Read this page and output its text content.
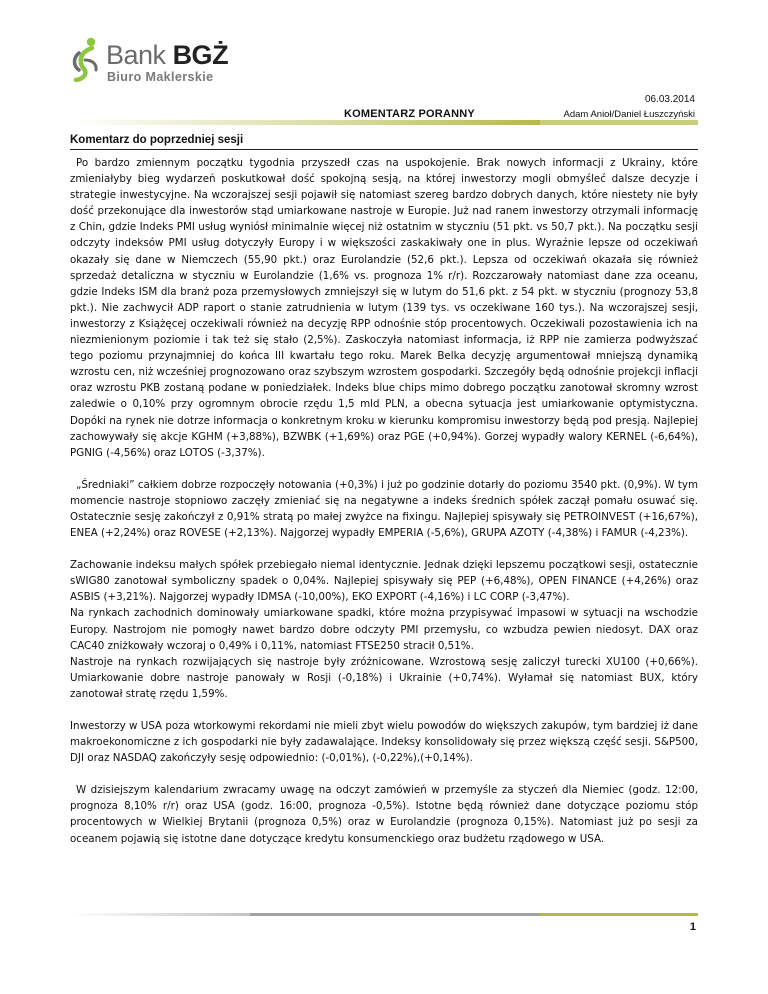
Bank BGŻ
Biuro Maklerskie
06.03.2014
KOMENTARZ PORANNY	Adam Anioł/Daniel Łuszczyński
Komentarz do poprzedniej sesji

Po bardzo zmiennym początku tygodnia przyszedł czas na uspokojenie. Brak nowych informacji z Ukrainy, które zmieniałyby bieg wydarzeń poskutkował dość spokojną sesją, na której inwestorzy mogli obmyśleć dalsze decyzje i strategie inwestycyjne. Na wczorajszej sesji pojawił się natomiast szereg bardzo dobrych danych, które niestety nie były dość przekonujące dla inwestorów stąd umiarkowane nastroje w Europie. Już nad ranem inwestorzy otrzymali informację z Chin, gdzie Indeks PMI usług wyniósł minimalnie więcej niż ostatnim w styczniu (51 pkt. vs 50,7 pkt.). Na początku sesji odczyty indeksów PMI usług dotyczyły Europy i w większości zaskakiwały one in plus. Wyraźnie lepsze od oczekiwań okazały się dane w Niemczech (55,90 pkt.) oraz Eurolandzie (52,6 pkt.). Lepsza od oczekiwań okazała się również sprzedaż detaliczna w styczniu w Eurolandzie (1,6% vs. prognoza 1% r/r). Rozczarowały natomiast dane zza oceanu, gdzie Indeks ISM dla branż poza przemysłowych zmniejszył się w lutym do 51,6 pkt. z 54 pkt. w styczniu (prognozy 53,8 pkt.). Nie zachwycił ADP raport o stanie zatrudnienia w lutym (139 tys. vs oczekiwane 160 tys.). Na wczorajszej sesji, inwestorzy z Książęcej oczekiwali również na decyzję RPP odnośnie stóp procentowych. Oczekiwali pozostawienia ich na niezmienionym poziomie i tak też się stało (2,5%). Zaskoczyła natomiast informacja, iż RPP nie zamierza podwyższać tego poziomu przynajmniej do końca III kwartału tego roku. Marek Belka decyzję argumentował mniejszą dynamiką wzrostu cen, niż wcześniej prognozowano oraz szybszym wzrostem gospodarki. Szczegóły będą odnośnie projekcji inflacji oraz wzrostu PKB zostaną podane w poniedziałek. Indeks blue chips mimo dobrego początku zanotował skromny wzrost zaledwie o 0,10% przy ogromnym obrocie rzędu 1,5 mld PLN, a obecna sytuacja jest umiarkowanie optymistyczna. Dopóki na rynek nie dotrze informacja o konkretnym kroku w kierunku kompromisu inwestorzy będą pod presją. Najlepiej zachowywały się akcje KGHM (+3,88%), BZWBK (+1,69%) oraz PGE (+0,94%). Gorzej wypadły walory KERNEL (-6,64%), PGNIG (-4,56%) oraz LOTOS (-3,37%).

„Średniaki” całkiem dobrze rozpoczęły notowania (+0,3%) i już po godzinie dotarły do poziomu 3540 pkt. (0,9%). W tym momencie nastroje stopniowo zaczęły zmieniać się na negatywne a indeks średnich spółek zaczął pomału osuwać się. Ostatecznie sesję zakończył z 0,91% stratą po małej zwyżce na fixingu. Najlepiej spisywały się PETROINVEST (+16,67%), ENEA (+2,24%) oraz ROVESE (+2,13%). Najgorzej wypadły EMPERIA (-5,6%), GRUPA AZOTY (-4,38%) i FAMUR (-4,23%).

Zachowanie indeksu małych spółek przebiegało niemal identycznie. Jednak dzięki lepszemu początkowi sesji, ostatecznie sWIG80 zanotował symboliczny spadek o 0,04%. Najlepiej spisywały się PEP (+6,48%), OPEN FINANCE (+4,26%) oraz ASBIS (+3,21%). Najgorzej wypadły IDMSA (-10,00%), EKO EXPORT (-4,16%) i LC CORP (-3,47%).

Na rynkach zachodnich dominowały umiarkowane spadki, które można przypisywać impasowi w sytuacji na wschodzie Europy. Nastrojom nie pomogły nawet bardzo dobre odczyty PMI przemysłu, co wzbudza pewien niedosyt. DAX oraz CAC40 zniżkowały wczoraj o 0,49% i 0,11%, natomiast FTSE250 stracił 0,51%.

Nastroje na rynkach rozwijających się nastroje były zróżnicowane. Wzrostową sesję zaliczył turecki XU100 (+0,66%). Umiarkowanie dobre nastroje panowały w Rosji (-0,18%) i Ukrainie (+0,74%). Wyłamał się natomiast BUX, który zanotował stratę rzędu 1,59%.

Inwestorzy w USA poza wtorkowymi rekordami nie mieli zbyt wielu powodów do większych zakupów, tym bardziej iż dane makroekonomiczne z ich gospodarki nie były zadawalające. Indeksy konsolidowały się przez większą część sesji. S&P500, DJI oraz NASDAQ zakończyły sesję odpowiednio: (-0,01%), (-0,22%),(+0,14%).

W dzisiejszym kalendarium zwracamy uwagę na odczyt zamówień w przemyśle za styczeń dla Niemiec (godz. 12:00, prognoza 8,10% r/r) oraz USA (godz. 16:00, prognoza -0,5%). Istotne będą również dane dotyczące poziomu stóp procentowych w Wielkiej Brytanii (prognoza 0,5%) oraz w Eurolandzie (prognoza 0,15%). Natomiast już po sesji za oceanem pojawią się istotne dane dotyczące kredytu konsumenckiego oraz budżetu rządowego w USA.

1
